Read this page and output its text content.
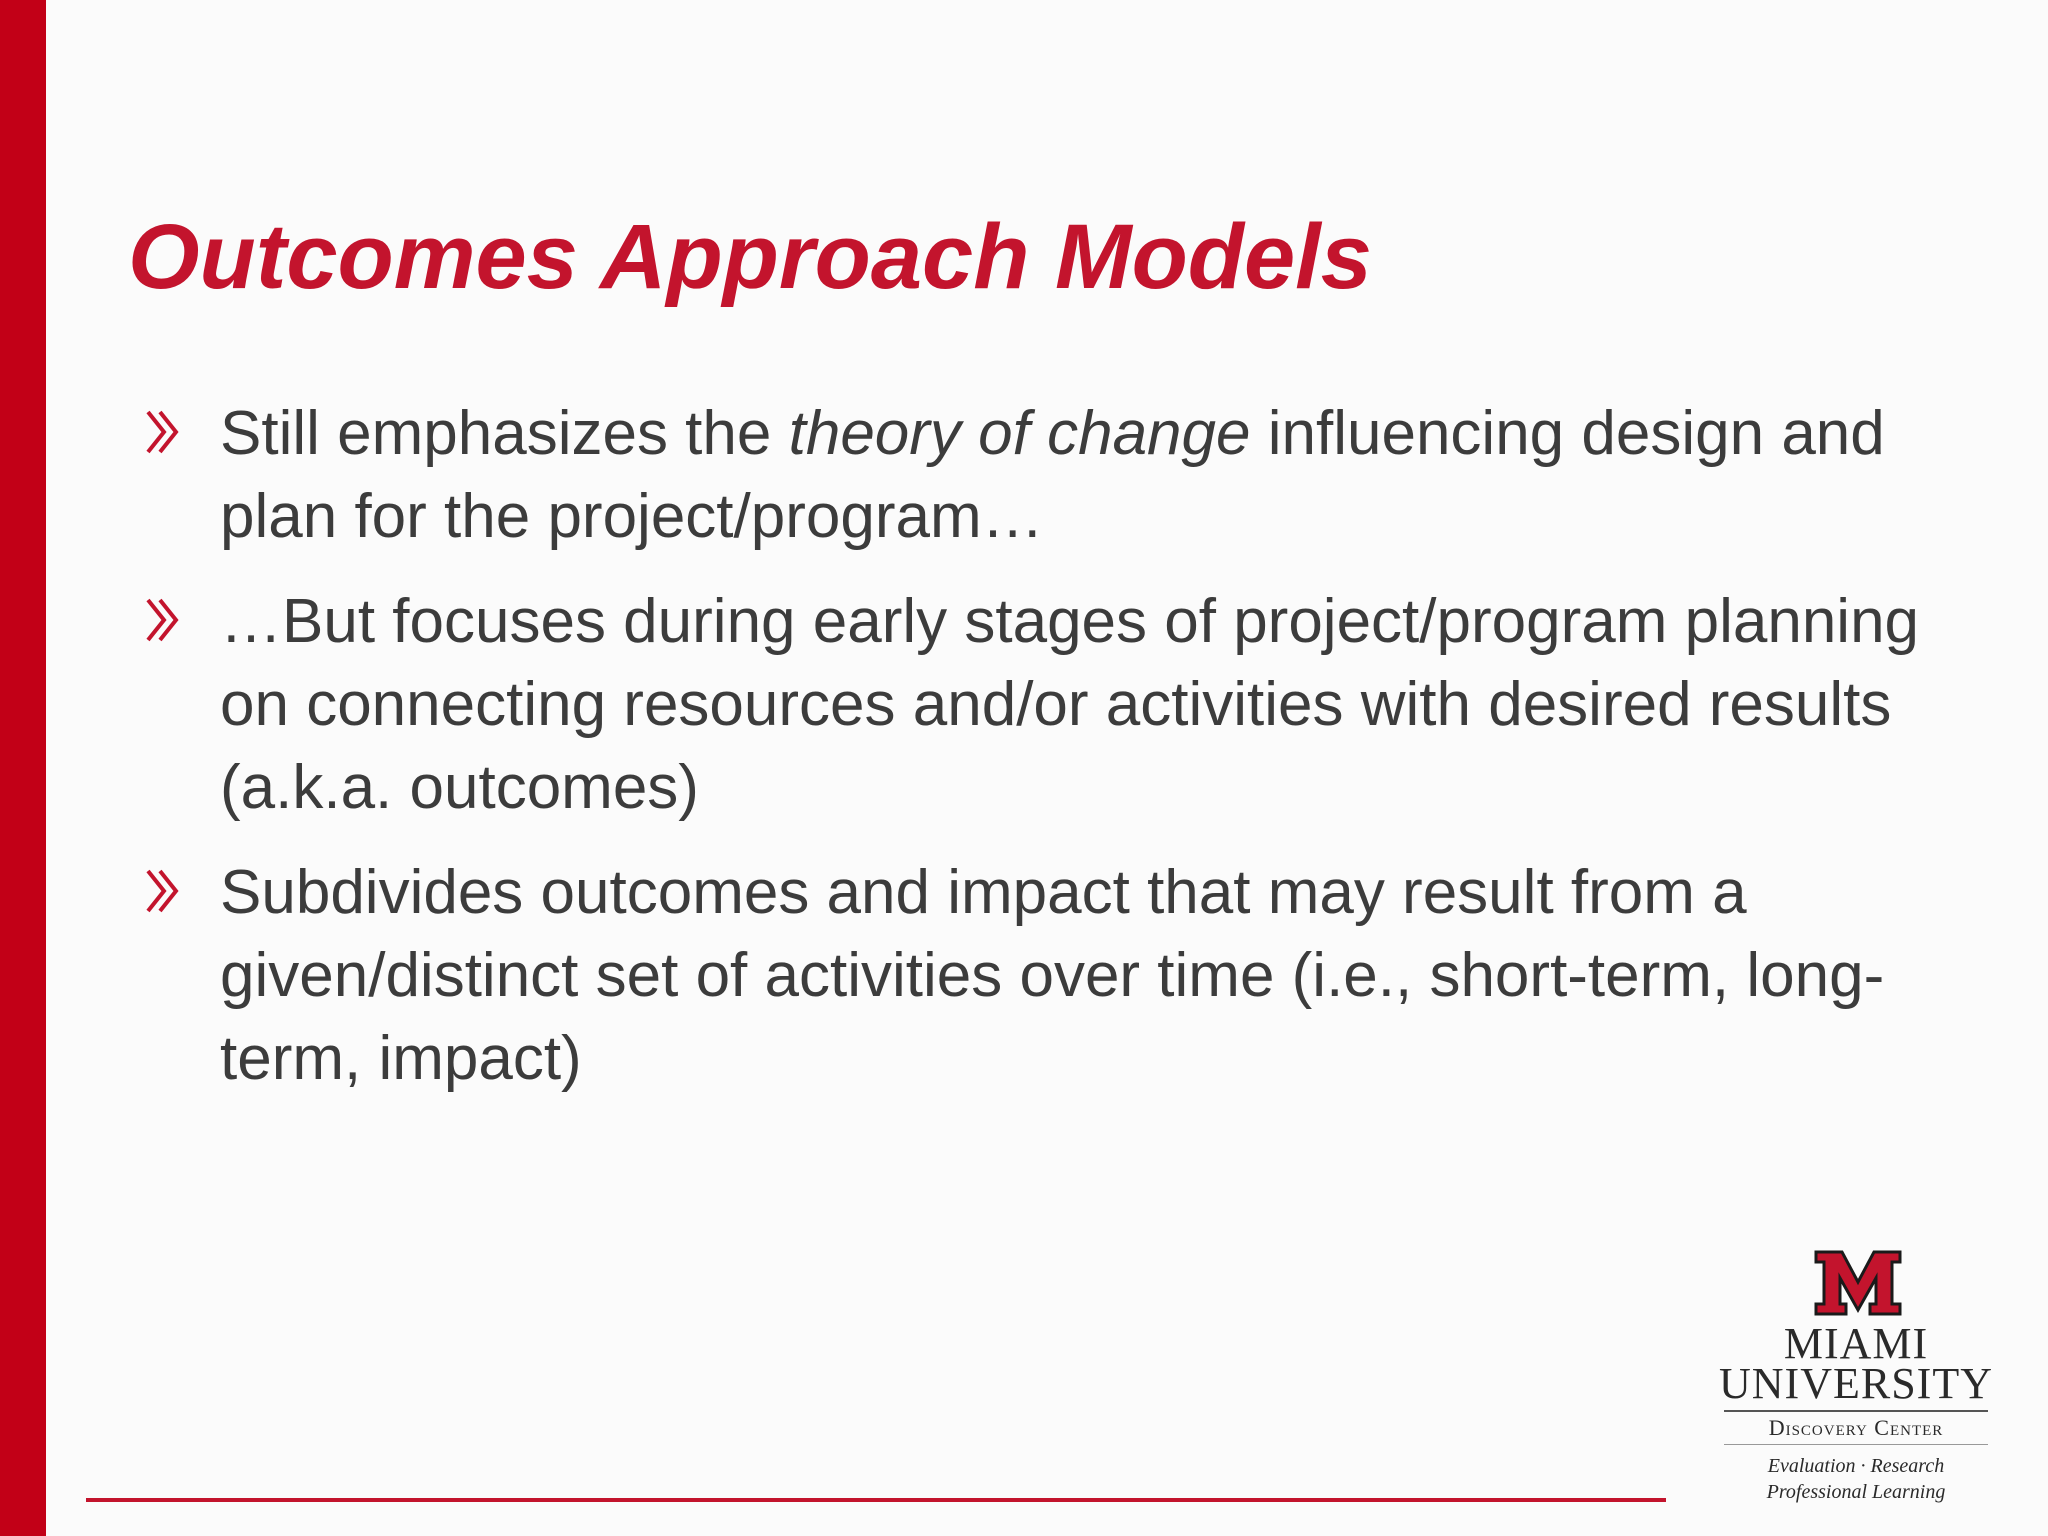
Outcomes Approach Models
Still emphasizes the theory of change influencing design and plan for the project/program…
…But focuses during early stages of project/program planning on connecting resources and/or activities with desired results (a.k.a. outcomes)
Subdivides outcomes and impact that may result from a given/distinct set of activities over time (i.e., short-term, long-term, impact)
MIAMI
UNIVERSITY
Discovery Center
Evaluation · Research
Professional Learning
